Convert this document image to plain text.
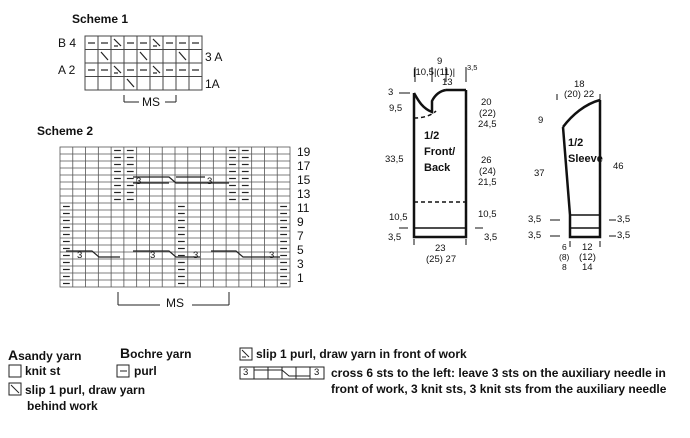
Scheme 1
B 4
A 2
3 A
1A
MS
Scheme 2
19
17
15
13
11
9
7
5
3
1
3	3
3	3	3	3
MS
1/2
Front/
Back
9
|10,5|(11)|
13
3,5
3
9,5
33,5
10,5
3,5
20
(22)
24,5
26
(24)
21,5
10,5
3,5
23
(25) 27
1/2
Sleeve
18
(20) 22
9
37
3,5
3,5
46
3,5
3,5
6
(8)
8
12
(12)
14
Asandy yarn	Bochre yarn
knit st	purl
slip 1 purl, draw yarn
behind work
slip 1 purl, draw yarn in front of work
3	3 cross 6 sts to the left: leave 3 sts on the auxiliary needle in
front of work, 3 knit sts, 3 knit sts from the auxiliary needle
